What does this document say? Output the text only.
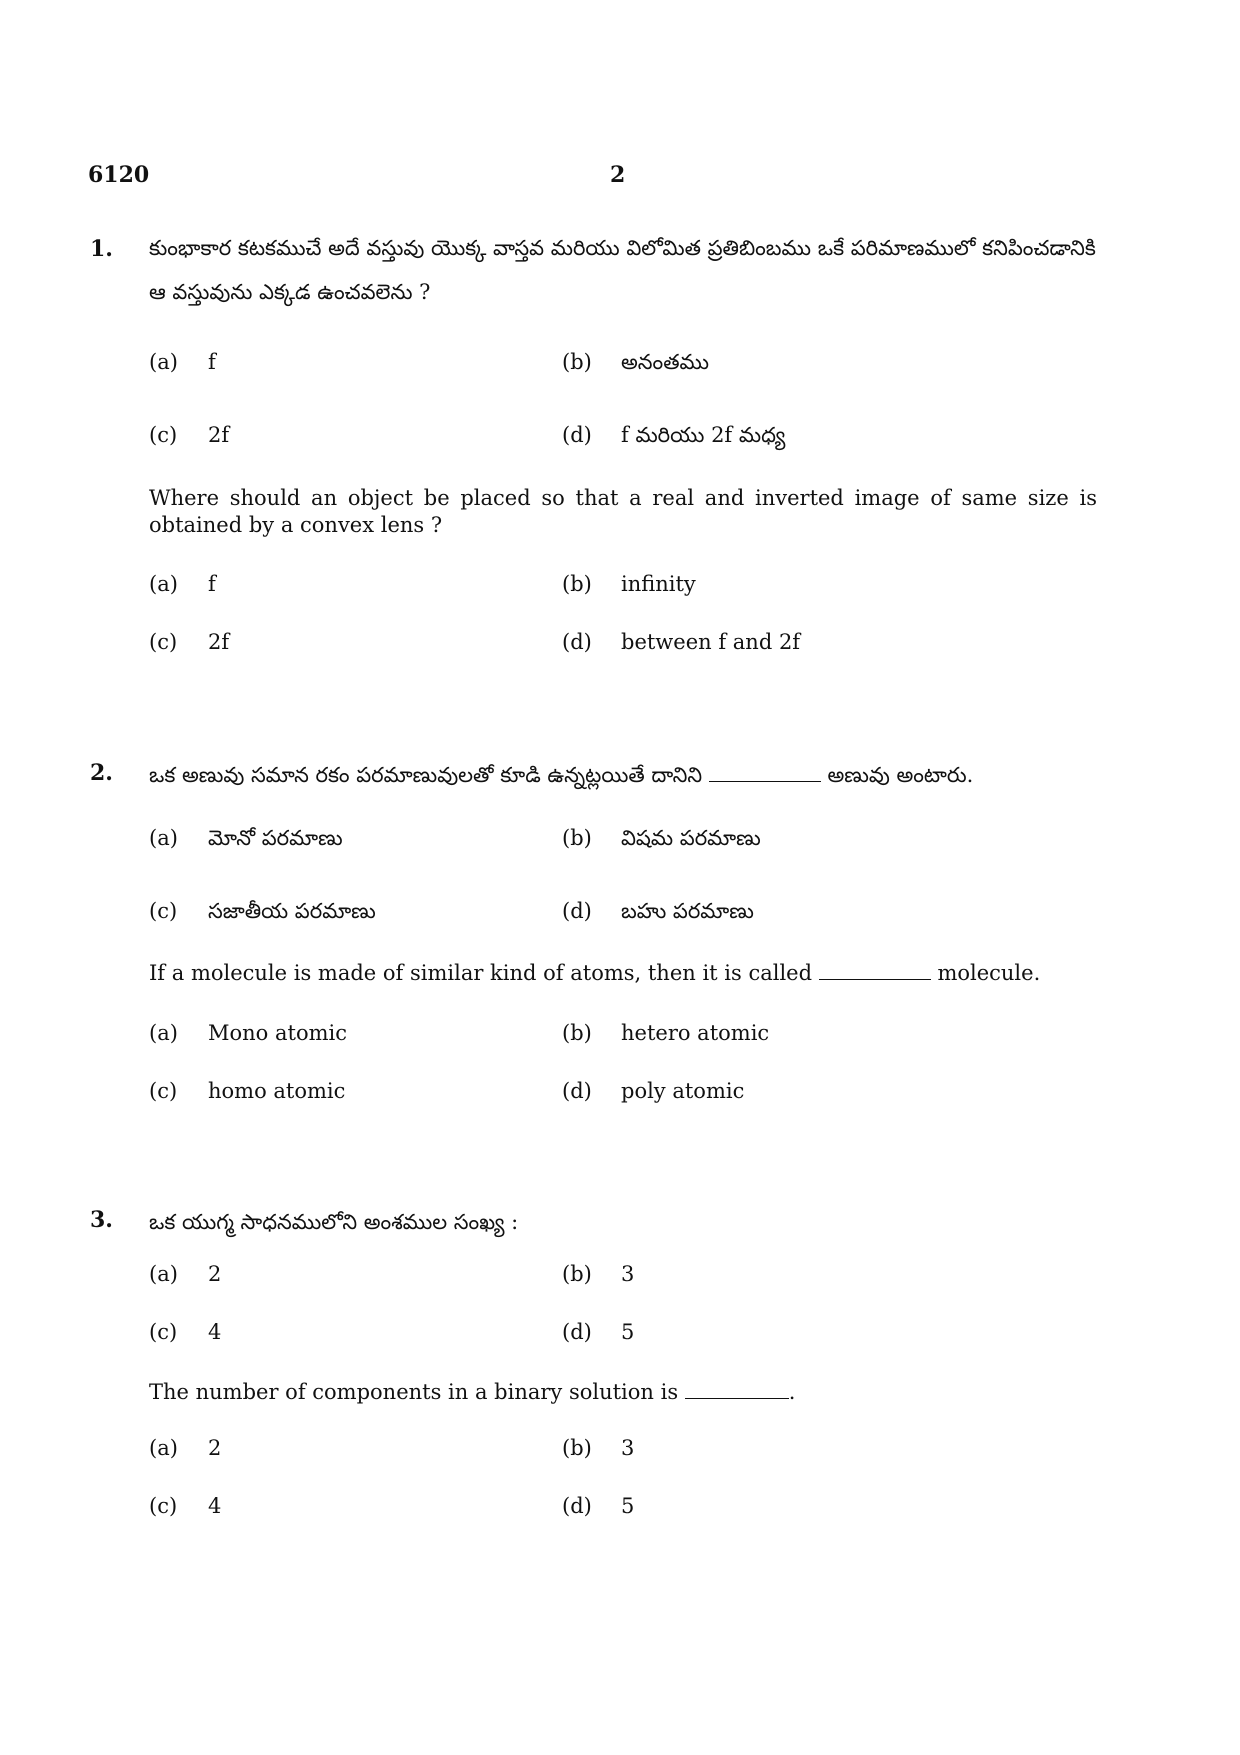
6120	2
1. కుంభాకార కటకముచే అదే వస్తువు యొక్క వాస్తవ మరియు విలోమిత ప్రతిబింబము ఒకే పరిమాణములో కనిపించడానికి ఆ వస్తువును ఎక్కడ ఉంచవలెను ?

(a) f	(b) అనంతము
(c) 2f	(d) f మరియు 2f మధ్య

Where should an object be placed so that a real and inverted image of same size is obtained by a convex lens ?

(a) f	(b) infinity
(c) 2f	(d) between f and 2f
2. ఒక అణువు సమాన రకం పరమాణువులతో కూడి ఉన్నట్లయితే దానిని	అణువు అంటారు.

(a) మోనో పరమాణు	(b) విషమ పరమాణు
(c) సజాతీయ పరమాణు	(d) బహు పరమాణు

If a molecule is made of similar kind of atoms, then it is called	molecule.

(a) Mono atomic	(b) hetero atomic
(c) homo atomic	(d) poly atomic
3. ఒక యుగ్మ సాధనములోని అంశముల సంఖ్య :

(a) 2	(b) 3
(c) 4	(d) 5

The number of components in a binary solution is	.

(a) 2	(b) 3
(c) 4	(d) 5
